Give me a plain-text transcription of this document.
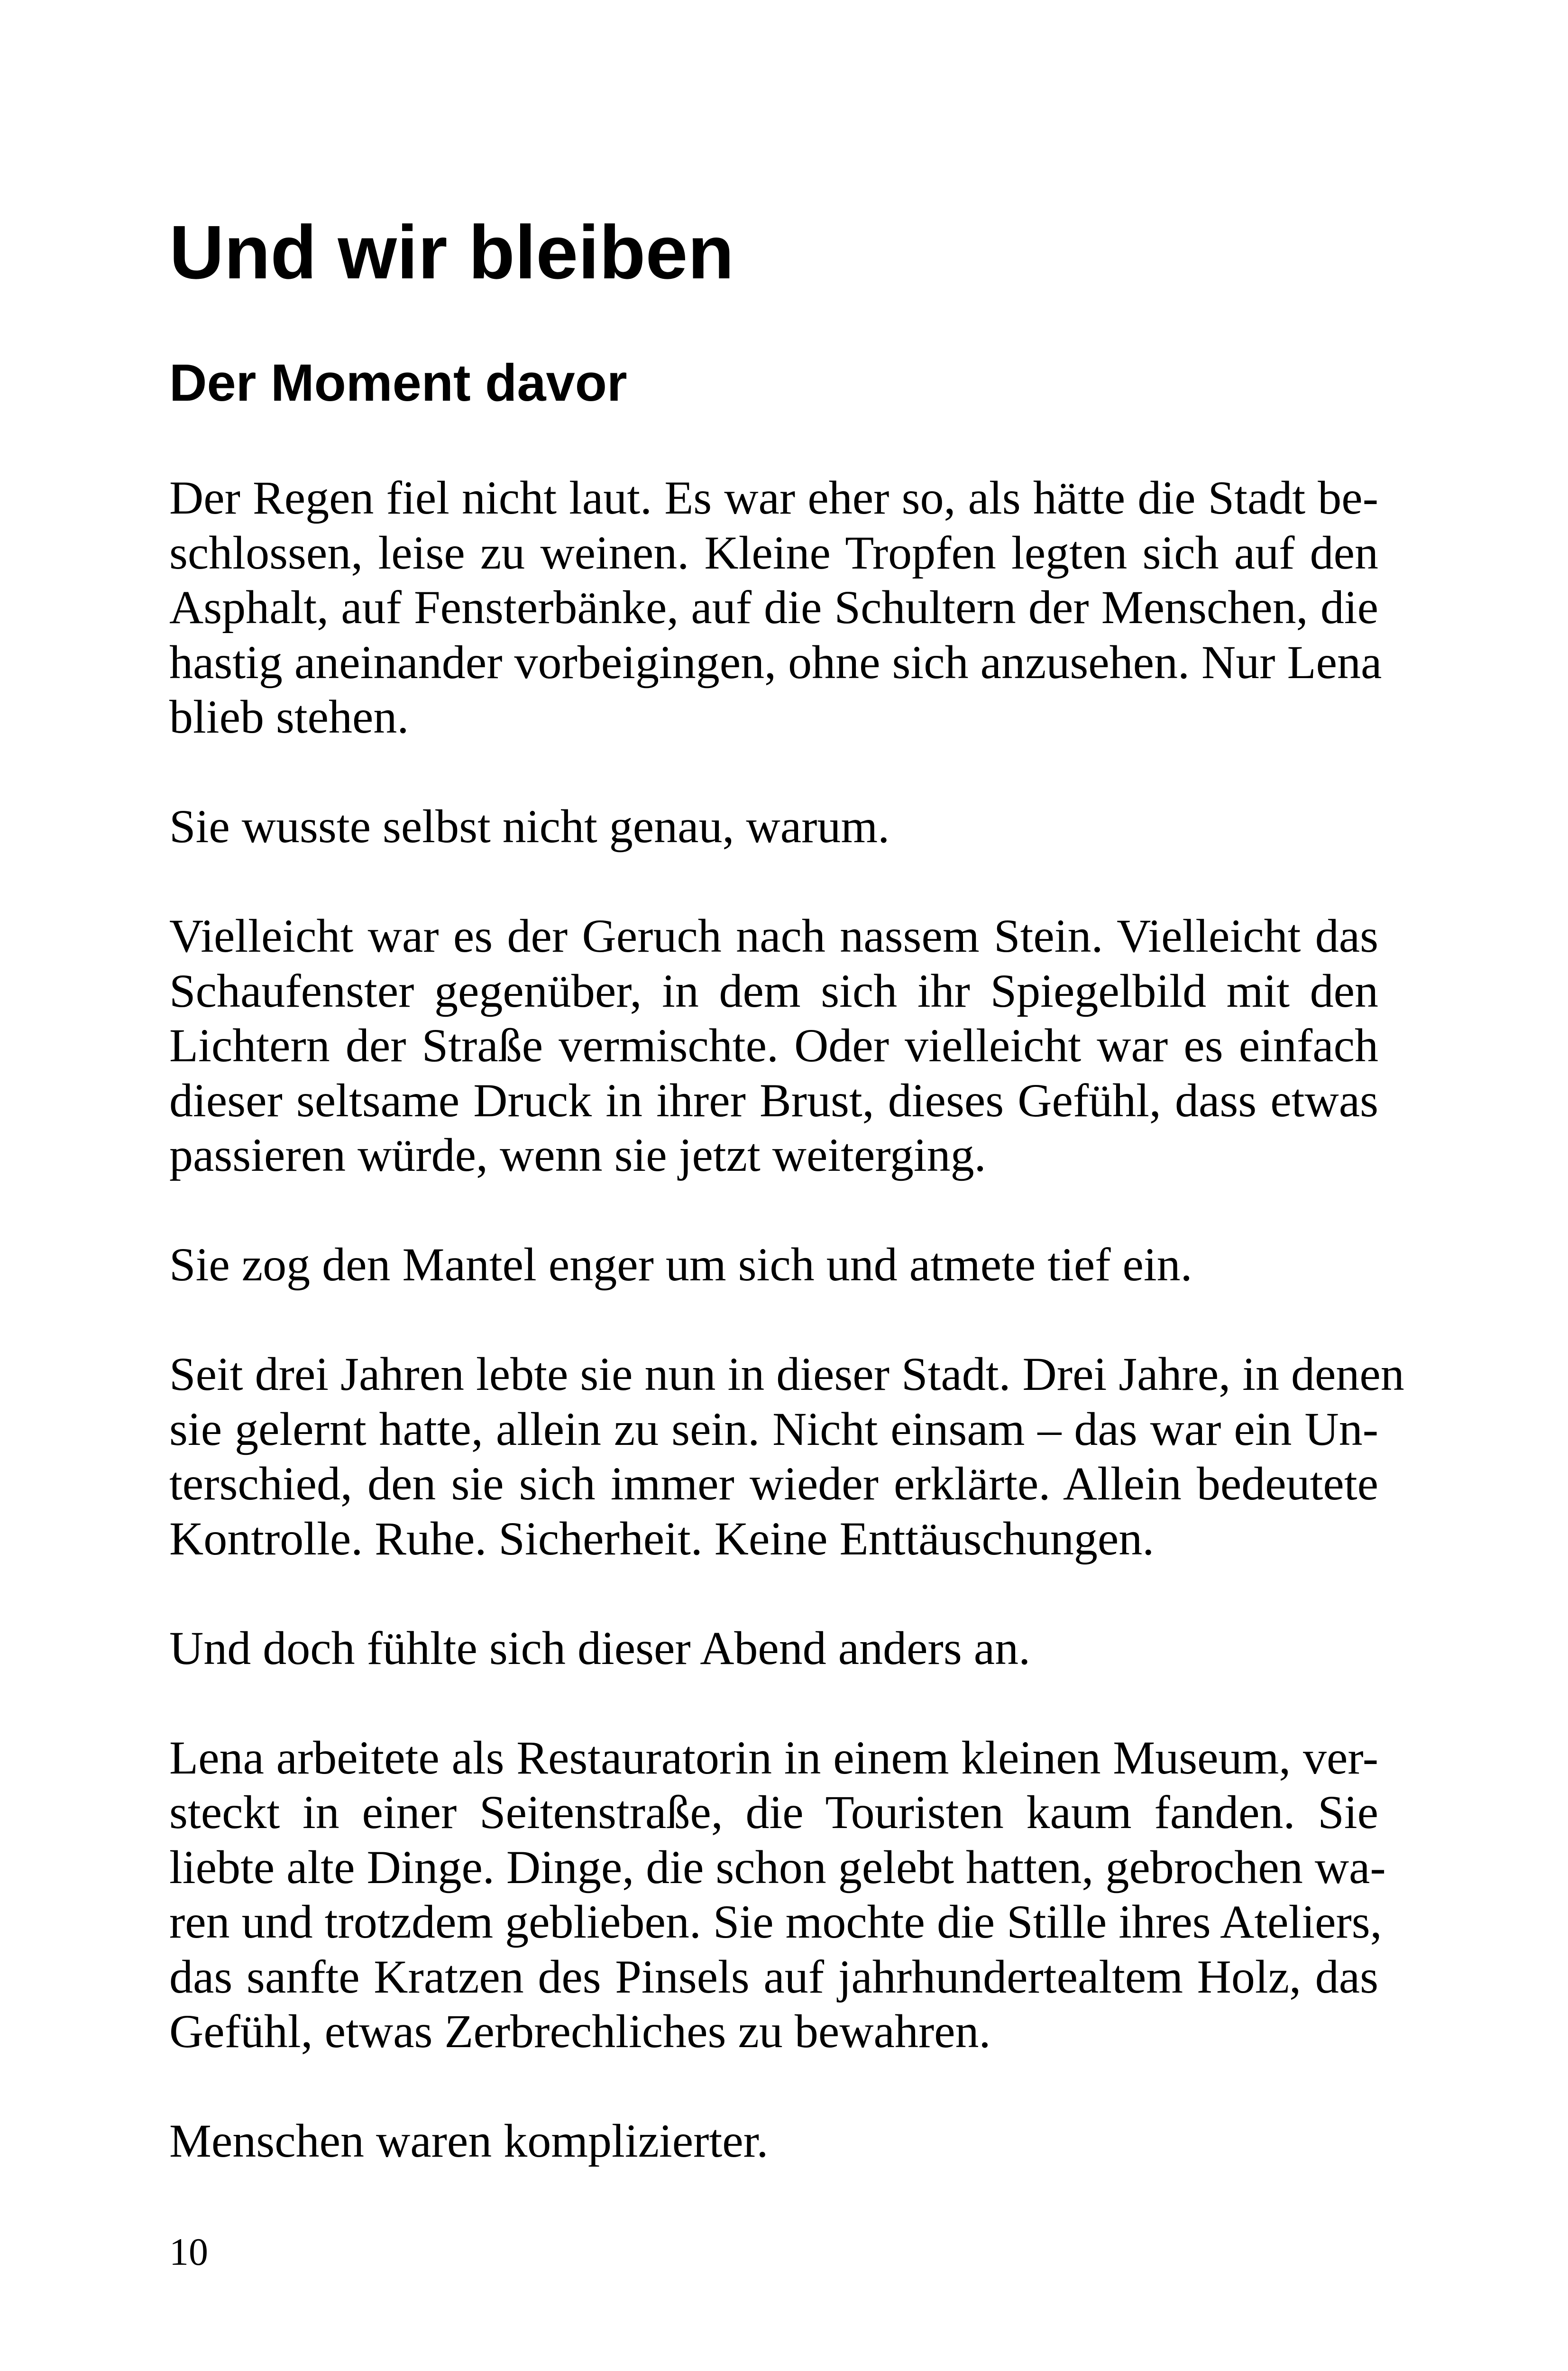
Und wir bleiben
Der Moment davor

Der Regen fiel nicht laut. Es war eher so, als hätte die Stadt be-
schlossen, leise zu weinen. Kleine Tropfen legten sich auf den
Asphalt, auf Fensterbänke, auf die Schultern der Menschen, die
hastig aneinander vorbeigingen, ohne sich anzusehen. Nur Lena
blieb stehen.

Sie wusste selbst nicht genau, warum.

Vielleicht war es der Geruch nach nassem Stein. Vielleicht das
Schaufenster gegenüber, in dem sich ihr Spiegelbild mit den
Lichtern der Straße vermischte. Oder vielleicht war es einfach
dieser seltsame Druck in ihrer Brust, dieses Gefühl, dass etwas
passieren würde, wenn sie jetzt weiterging.

Sie zog den Mantel enger um sich und atmete tief ein.

Seit drei Jahren lebte sie nun in dieser Stadt. Drei Jahre, in denen
sie gelernt hatte, allein zu sein. Nicht einsam – das war ein Un-
terschied, den sie sich immer wieder erklärte. Allein bedeutete
Kontrolle. Ruhe. Sicherheit. Keine Enttäuschungen.

Und doch fühlte sich dieser Abend anders an.

Lena arbeitete als Restauratorin in einem kleinen Museum, ver-
steckt in einer Seitenstraße, die Touristen kaum fanden. Sie
liebte alte Dinge. Dinge, die schon gelebt hatten, gebrochen wa-
ren und trotzdem geblieben. Sie mochte die Stille ihres Ateliers,
das sanfte Kratzen des Pinsels auf jahrhundertealtem Holz, das
Gefühl, etwas Zerbrechliches zu bewahren.

Menschen waren komplizierter.

10
